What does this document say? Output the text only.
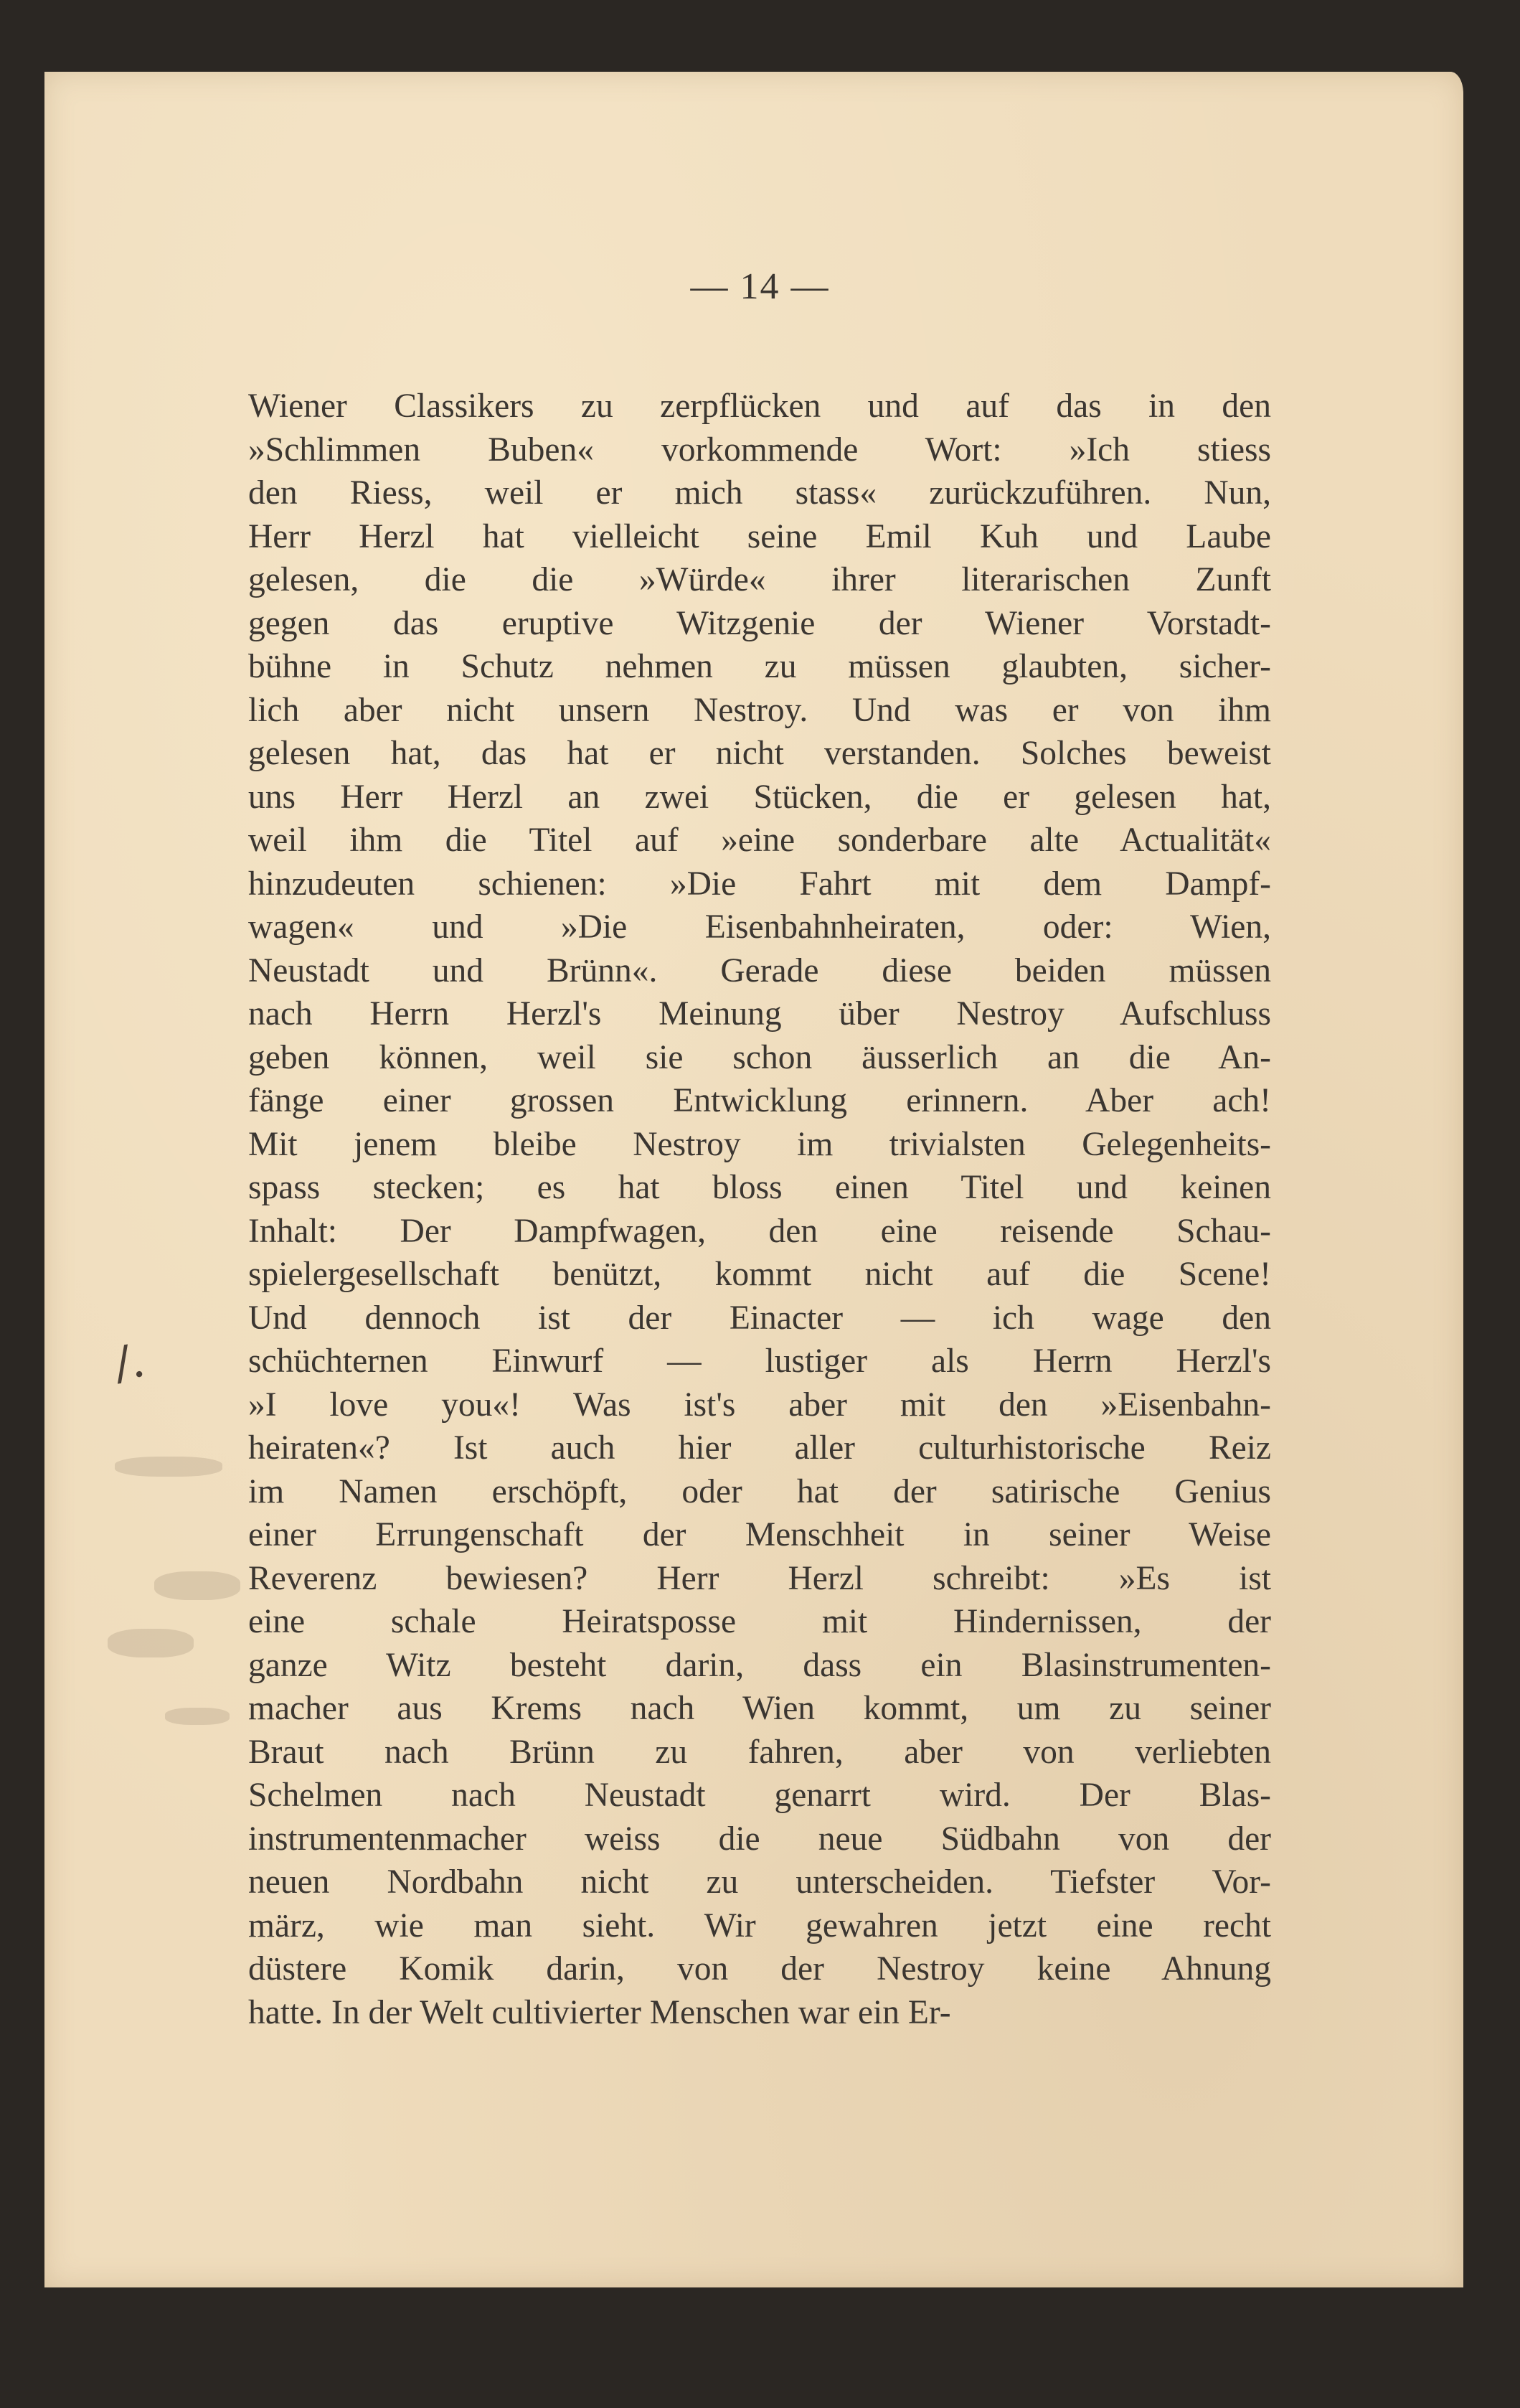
— 14 —
/.
Wiener Classikers zu zerpflücken und auf das in den
»Schlimmen Buben« vorkommende Wort: »Ich stiess
den Riess, weil er mich stass« zurückzuführen. Nun,
Herr Herzl hat vielleicht seine Emil Kuh und Laube
gelesen, die die »Würde« ihrer literarischen Zunft
gegen das eruptive Witzgenie der Wiener Vorstadt-
bühne in Schutz nehmen zu müssen glaubten, sicher-
lich aber nicht unsern Nestroy. Und was er von ihm
gelesen hat, das hat er nicht verstanden. Solches beweist
uns Herr Herzl an zwei Stücken, die er gelesen hat,
weil ihm die Titel auf »eine sonderbare alte Actualität«
hinzudeuten schienen: »Die Fahrt mit dem Dampf-
wagen« und »Die Eisenbahnheiraten, oder: Wien,
Neustadt und Brünn«. Gerade diese beiden müssen
nach Herrn Herzl's Meinung über Nestroy Aufschluss
geben können, weil sie schon äusserlich an die An-
fänge einer grossen Entwicklung erinnern. Aber ach!
Mit jenem bleibe Nestroy im trivialsten Gelegenheits-
spass stecken; es hat bloss einen Titel und keinen
Inhalt: Der Dampfwagen, den eine reisende Schau-
spielergesellschaft benützt, kommt nicht auf die Scene!
Und dennoch ist der Einacter — ich wage den
schüchternen Einwurf — lustiger als Herrn Herzl's
»I love you«! Was ist's aber mit den »Eisenbahn-
heiraten«? Ist auch hier aller culturhistorische Reiz
im Namen erschöpft, oder hat der satirische Genius
einer Errungenschaft der Menschheit in seiner Weise
Reverenz bewiesen? Herr Herzl schreibt: »Es ist
eine schale Heiratsposse mit Hindernissen, der
ganze Witz besteht darin, dass ein Blasinstrumenten-
macher aus Krems nach Wien kommt, um zu seiner
Braut nach Brünn zu fahren, aber von verliebten
Schelmen nach Neustadt genarrt wird. Der Blas-
instrumentenmacher weiss die neue Südbahn von der
neuen Nordbahn nicht zu unterscheiden. Tiefster Vor-
märz, wie man sieht. Wir gewahren jetzt eine recht
düstere Komik darin, von der Nestroy keine Ahnung
hatte. In der Welt cultivierter Menschen war ein Er-
